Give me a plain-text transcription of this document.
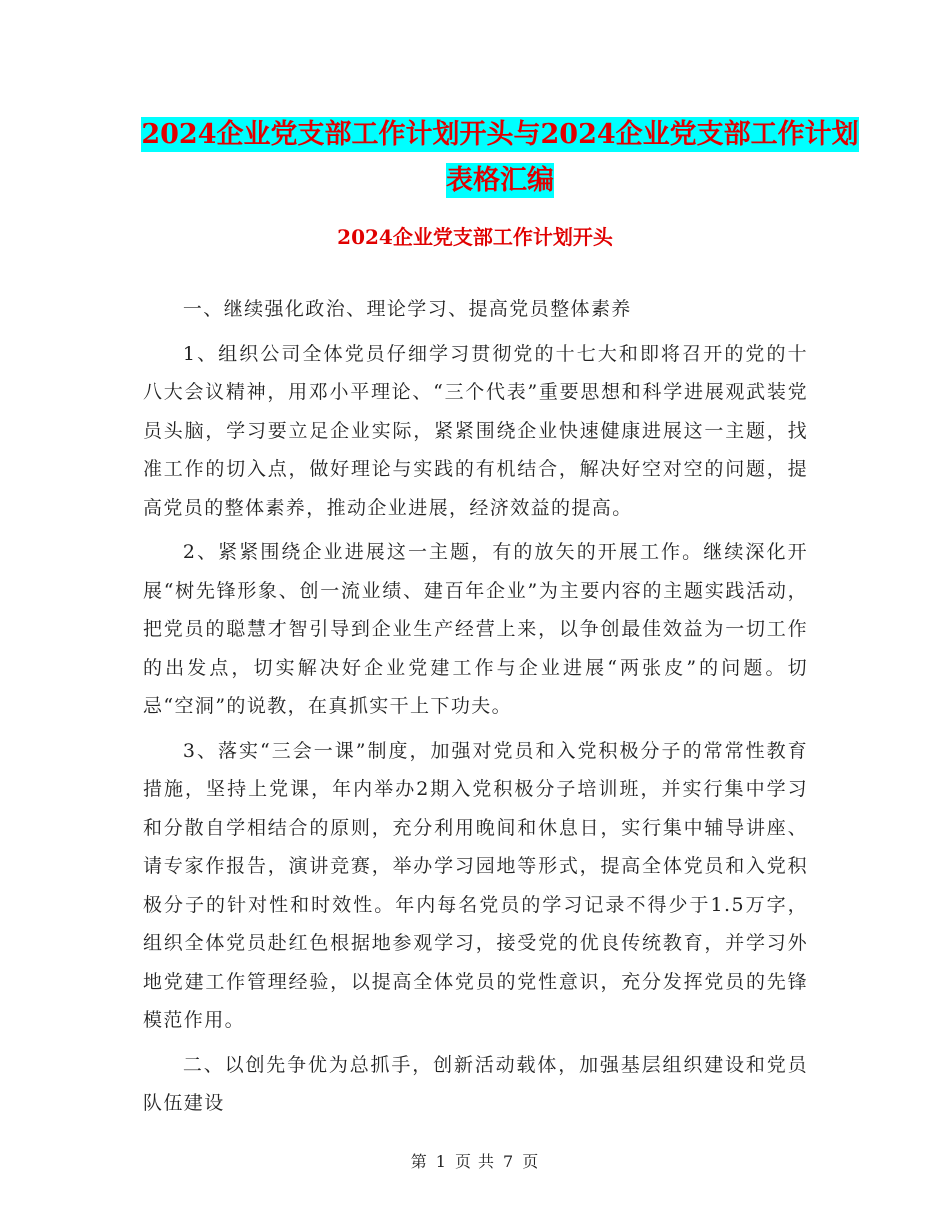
2024企业党支部工作计划开头与2024企业党支部工作计划表格汇编
2024企业党支部工作计划开头

一、继续强化政治、理论学习、提高党员整体素养

1、组织公司全体党员仔细学习贯彻党的十七大和即将召开的党的十八大会议精神，用邓小平理论、“三个代表”重要思想和科学进展观武装党员头脑，学习要立足企业实际，紧紧围绕企业快速健康进展这一主题，找准工作的切入点，做好理论与实践的有机结合，解决好空对空的问题，提高党员的整体素养，推动企业进展，经济效益的提高。

2、紧紧围绕企业进展这一主题，有的放矢的开展工作。继续深化开展“树先锋形象、创一流业绩、建百年企业”为主要内容的主题实践活动，把党员的聪慧才智引导到企业生产经营上来，以争创最佳效益为一切工作的出发点，切实解决好企业党建工作与企业进展“两张皮”的问题。切忌“空洞”的说教，在真抓实干上下功夫。

3、落实“三会一课”制度，加强对党员和入党积极分子的常常性教育措施，坚持上党课，年内举办2期入党积极分子培训班，并实行集中学习和分散自学相结合的原则，充分利用晚间和休息日，实行集中辅导讲座、请专家作报告，演讲竞赛，举办学习园地等形式，提高全体党员和入党积极分子的针对性和时效性。年内每名党员的学习记录不得少于1.5万字，组织全体党员赴红色根据地参观学习，接受党的优良传统教育，并学习外地党建工作管理经验，以提高全体党员的党性意识，充分发挥党员的先锋模范作用。

二、以创先争优为总抓手，创新活动载体，加强基层组织建设和党员队伍建设

第 1 页 共 7 页
